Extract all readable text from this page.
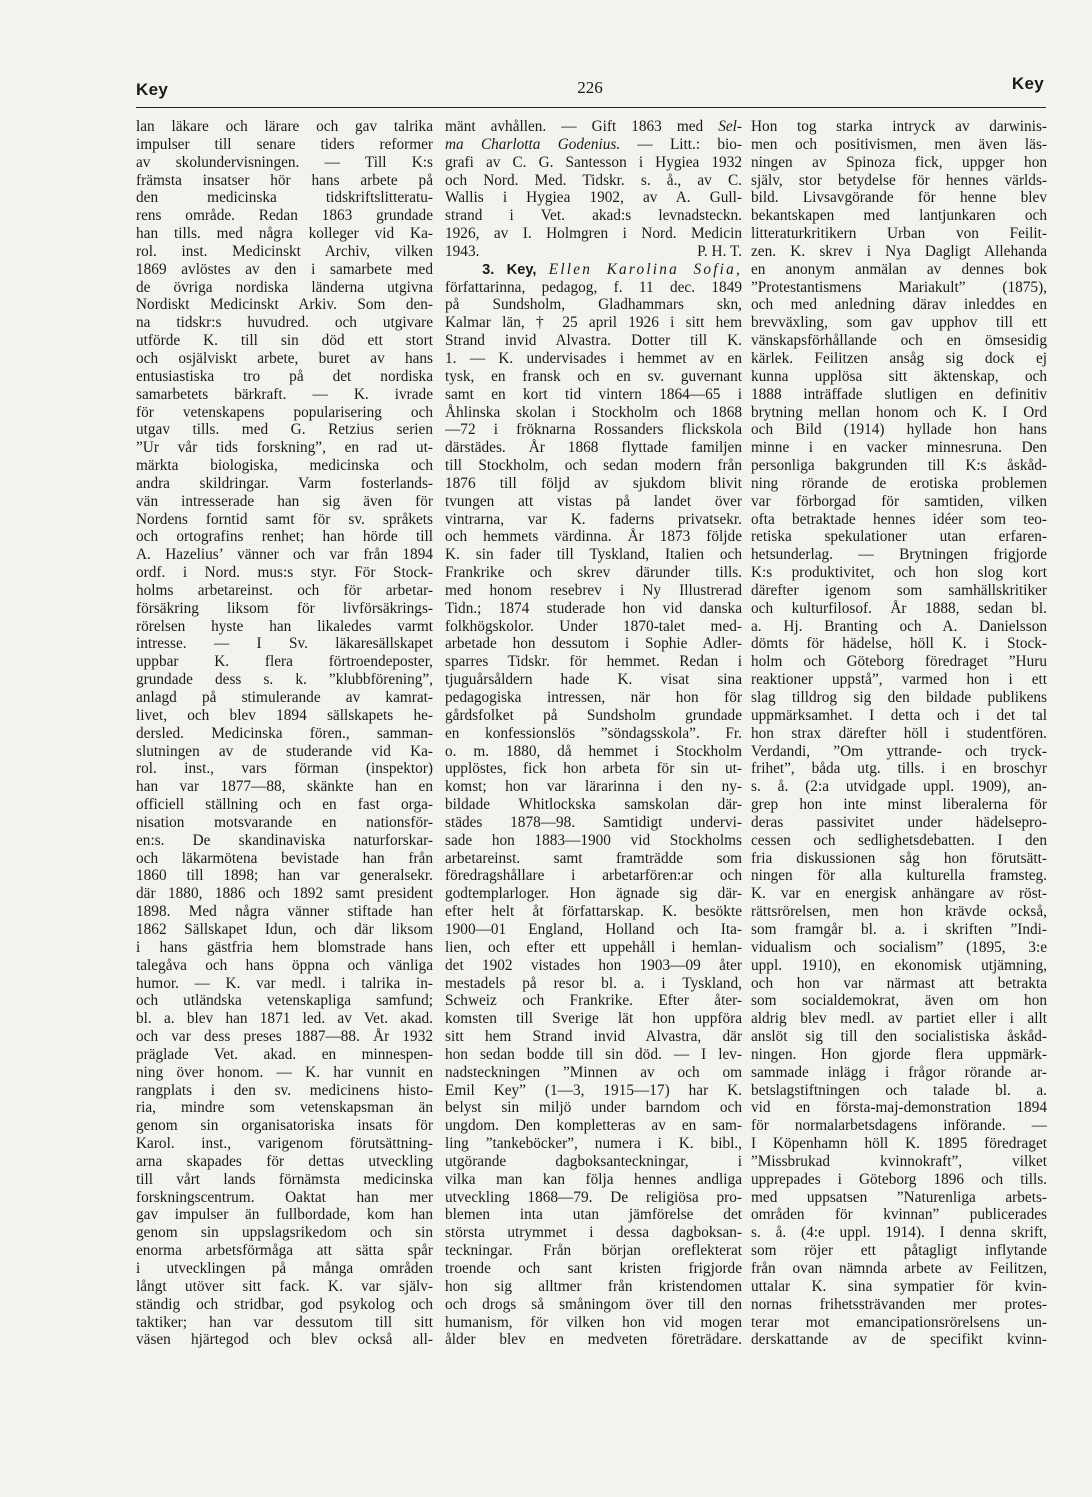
Key	226	Key
lan läkare och lärare och gav talrika
impulser till senare tiders reformer
av skolundervisningen. — Till K:s
främsta insatser hör hans arbete på
den medicinska tidskriftslitteratu-
rens område. Redan 1863 grundade
han tills. med några kolleger vid Ka-
rol. inst. Medicinskt Archiv, vilken
1869 avlöstes av den i samarbete med
de övriga nordiska länderna utgivna
Nordiskt Medicinskt Arkiv. Som den-
na tidskr:s huvudred. och utgivare
utförde K. till sin död ett stort
och osjälviskt arbete, buret av hans
entusiastiska tro på det nordiska
samarbetets bärkraft. — K. ivrade
för vetenskapens popularisering och
utgav tills. med G. Retzius serien
”Ur vår tids forskning”, en rad ut-
märkta biologiska, medicinska och
andra skildringar. Varm fosterlands-
vän intresserade han sig även för
Nordens forntid samt för sv. språkets
och ortografins renhet; han hörde till
A. Hazelius’ vänner och var från 1894
ordf. i Nord. mus:s styr. För Stock-
holms arbetareinst. och för arbetar-
försäkring liksom för livförsäkrings-
rörelsen hyste han likaledes varmt
intresse. — I Sv. läkaresällskapet
uppbar K. flera förtroendeposter,
grundade dess s. k. ”klubbförening”,
anlagd på stimulerande av kamrat-
livet, och blev 1894 sällskapets he-
dersled. Medicinska fören., samman-
slutningen av de studerande vid Ka-
rol. inst., vars förman (inspektor)
han var 1877—88, skänkte han en
officiell ställning och en fast orga-
nisation motsvarande en nationsför-
en:s. De skandinaviska naturforskar-
och läkarmötena bevistade han från
1860 till 1898; han var generalsekr.
där 1880, 1886 och 1892 samt president
1898. Med några vänner stiftade han
1862 Sällskapet Idun, och där liksom
i hans gästfria hem blomstrade hans
talegåva och hans öppna och vänliga
humor. — K. var medl. i talrika in-
och utländska vetenskapliga samfund;
bl. a. blev han 1871 led. av Vet. akad.
och var dess preses 1887—88. År 1932
präglade Vet. akad. en minnespen-
ning över honom. — K. har vunnit en
rangplats i den sv. medicinens histo-
ria, mindre som vetenskapsman än
genom sin organisatoriska insats för
Karol. inst., varigenom förutsättning-
arna skapades för dettas utveckling
till vårt lands förnämsta medicinska
forskningscentrum. Oaktat han mer
gav impulser än fullbordade, kom han
genom sin uppslagsrikedom och sin
enorma arbetsförmåga att sätta spår
i utvecklingen på många områden
långt utöver sitt fack. K. var själv-
ständig och stridbar, god psykolog och
taktiker; han var dessutom till sitt
väsen hjärtegod och blev också all-
mänt avhållen. — Gift 1863 med Sel-
ma Charlotta Godenius. — Litt.: bio-
grafi av C. G. Santesson i Hygiea 1932
och Nord. Med. Tidskr. s. å., av C.
Wallis i Hygiea 1902, av A. Gull-
strand i Vet. akad:s levnadsteckn.
1926, av I. Holmgren i Nord. Medicin
1943.	P. H. T.
3. Key, Ellen Karolina Sofia,
författarinna, pedagog, f. 11 dec. 1849
på Sundsholm, Gladhammars skn,
Kalmar län, † 25 april 1926 i sitt hem
Strand invid Alvastra. Dotter till K.
1. — K. undervisades i hemmet av en
tysk, en fransk och en sv. guvernant
samt en kort tid vintern 1864—65 i
Åhlinska skolan i Stockholm och 1868
—72 i fröknarna Rossanders flickskola
därstädes. År 1868 flyttade familjen
till Stockholm, och sedan modern från
1876 till följd av sjukdom blivit
tvungen att vistas på landet över
vintrarna, var K. faderns privatsekr.
och hemmets värdinna. År 1873 följde
K. sin fader till Tyskland, Italien och
Frankrike och skrev därunder tills.
med honom resebrev i Ny Illustrerad
Tidn.; 1874 studerade hon vid danska
folkhögskolor. Under 1870-talet med-
arbetade hon dessutom i Sophie Adler-
sparres Tidskr. för hemmet. Redan i
tjuguårsåldern hade K. visat sina
pedagogiska intressen, när hon för
gårdsfolket på Sundsholm grundade
en konfessionslös ”söndagsskola”. Fr.
o. m. 1880, då hemmet i Stockholm
upplöstes, fick hon arbeta för sin ut-
komst; hon var lärarinna i den ny-
bildade Whitlockska samskolan där-
städes 1878—98. Samtidigt undervi-
sade hon 1883—1900 vid Stockholms
arbetareinst. samt framträdde som
föredragshållare i arbetarfören:ar och
godtemplarloger. Hon ägnade sig där-
efter helt åt författarskap. K. besökte
1900—01 England, Holland och Ita-
lien, och efter ett uppehåll i hemlan-
det 1902 vistades hon 1903—09 åter
mestadels på resor bl. a. i Tyskland,
Schweiz och Frankrike. Efter åter-
komsten till Sverige lät hon uppföra
sitt hem Strand invid Alvastra, där
hon sedan bodde till sin död. — I lev-
nadsteckningen ”Minnen av och om
Emil Key” (1—3, 1915—17) har K.
belyst sin miljö under barndom och
ungdom. Den kompletteras av en sam-
ling ”tankeböcker”, numera i K. bibl.,
utgörande dagboksanteckningar, i
vilka man kan följa hennes andliga
utveckling 1868—79. De religiösa pro-
blemen inta utan jämförelse det
största utrymmet i dessa dagboksan-
teckningar. Från början oreflekterat
troende och sant kristen frigjorde
hon sig alltmer från kristendomen
och drogs så småningom över till den
humanism, för vilken hon vid mogen
ålder blev en medveten företrädare.
Hon tog starka intryck av darwinis-
men och positivismen, men även läs-
ningen av Spinoza fick, uppger hon
själv, stor betydelse för hennes världs-
bild. Livsavgörande för henne blev
bekantskapen med lantjunkaren och
litteraturkritikern Urban von Feilit-
zen. K. skrev i Nya Dagligt Allehanda
en anonym anmälan av dennes bok
”Protestantismens Mariakult” (1875),
och med anledning därav inleddes en
brevväxling, som gav upphov till ett
vänskapsförhållande och en ömsesidig
kärlek. Feilitzen ansåg sig dock ej
kunna upplösa sitt äktenskap, och
1888 inträffade slutligen en definitiv
brytning mellan honom och K. I Ord
och Bild (1914) hyllade hon hans
minne i en vacker minnesruna. Den
personliga bakgrunden till K:s åskåd-
ning rörande de erotiska problemen
var förborgad för samtiden, vilken
ofta betraktade hennes idéer som teo-
retiska spekulationer utan erfaren-
hetsunderlag. — Brytningen frigjorde
K:s produktivitet, och hon slog kort
därefter igenom som samhällskritiker
och kulturfilosof. År 1888, sedan bl.
a. Hj. Branting och A. Danielsson
dömts för hädelse, höll K. i Stock-
holm och Göteborg föredraget ”Huru
reaktioner uppstå”, varmed hon i ett
slag tilldrog sig den bildade publikens
uppmärksamhet. I detta och i det tal
hon strax därefter höll i studentfören.
Verdandi, ”Om yttrande- och tryck-
frihet”, båda utg. tills. i en broschyr
s. å. (2:a utvidgade uppl. 1909), an-
grep hon inte minst liberalerna för
deras passivitet under hädelsepro-
cessen och sedlighetsdebatten. I den
fria diskussionen såg hon förutsätt-
ningen för alla kulturella framsteg.
K. var en energisk anhängare av röst-
rättsrörelsen, men hon krävde också,
som framgår bl. a. i skriften ”Indi-
vidualism och socialism” (1895, 3:e
uppl. 1910), en ekonomisk utjämning,
och hon var närmast att betrakta
som socialdemokrat, även om hon
aldrig blev medl. av partiet eller i allt
anslöt sig till den socialistiska åskåd-
ningen. Hon gjorde flera uppmärk-
sammade inlägg i frågor rörande ar-
betslagstiftningen och talade bl. a.
vid en första-maj-demonstration 1894
för normalarbetsdagens införande. —
I Köpenhamn höll K. 1895 föredraget
”Missbrukad kvinnokraft”, vilket
upprepades i Göteborg 1896 och tills.
med uppsatsen ”Naturenliga arbets-
områden för kvinnan” publicerades
s. å. (4:e uppl. 1914). I denna skrift,
som röjer ett påtagligt inflytande
från ovan nämnda arbete av Feilitzen,
uttalar K. sina sympatier för kvin-
nornas frihetssträvanden mer protes-
terar mot emancipationsrörelsens un-
derskattande av de specifikt kvinn-
